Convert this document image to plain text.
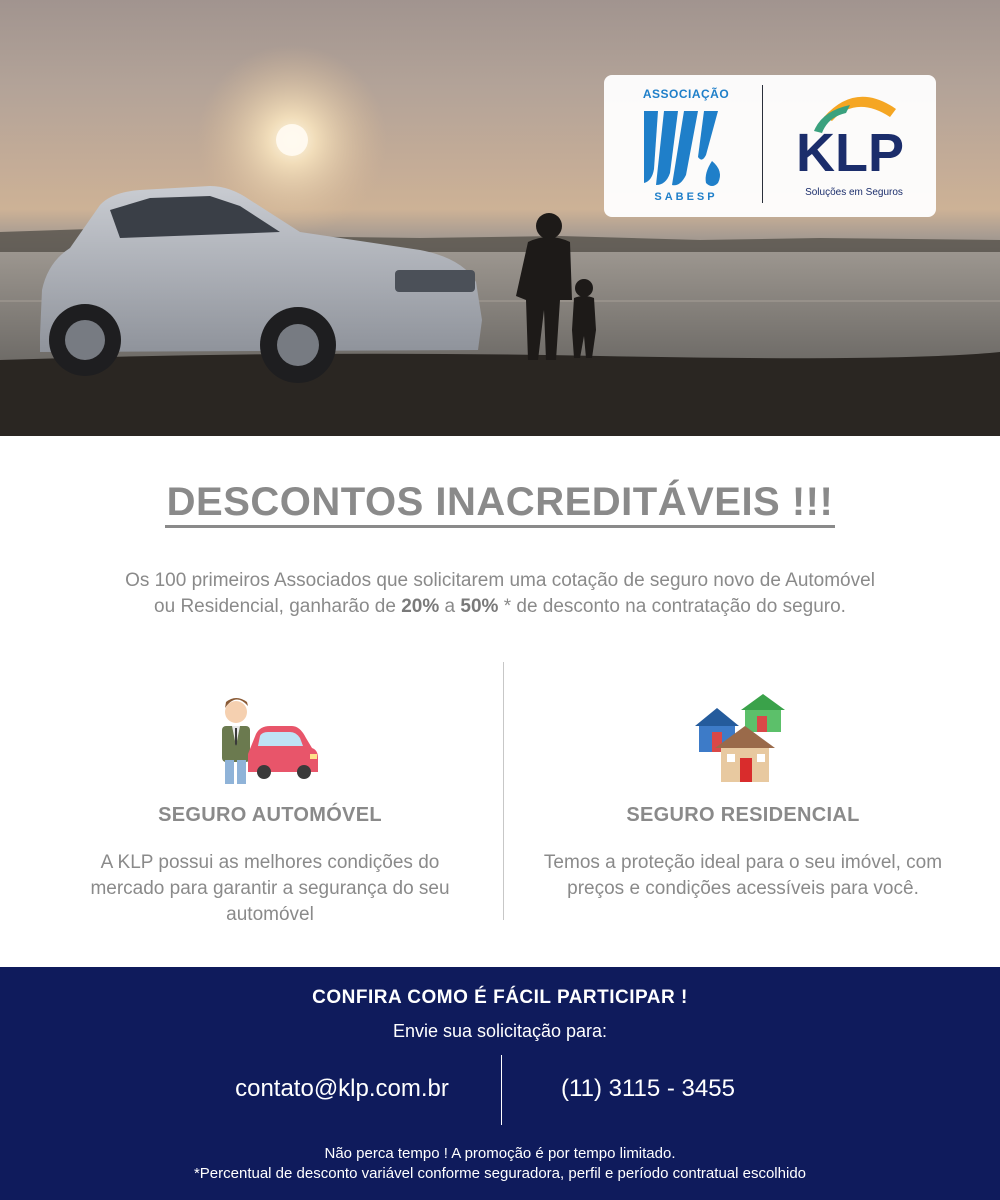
ASSOCIAÇÃO
SABESP
KLP
Soluções em Seguros
DESCONTOS INACREDITÁVEIS !!!
Os 100 primeiros Associados que solicitarem uma cotação de seguro novo de Automóvel ou Residencial, ganharão de 20% a 50% * de desconto na contratação do seguro.
SEGURO AUTOMÓVEL

A KLP possui as melhores condições do mercado para garantir a segurança do seu automóvel

SEGURO RESIDENCIAL

Temos a proteção ideal para o seu imóvel, com preços e condições acessíveis para você.

CONFIRA COMO É FÁCIL PARTICIPAR !
Envie sua solicitação para:
contato@klp.com.br	(11) 3115 - 3455
Não perca tempo ! A promoção é por tempo limitado.
*Percentual de desconto variável conforme seguradora, perfil e período contratual escolhido
